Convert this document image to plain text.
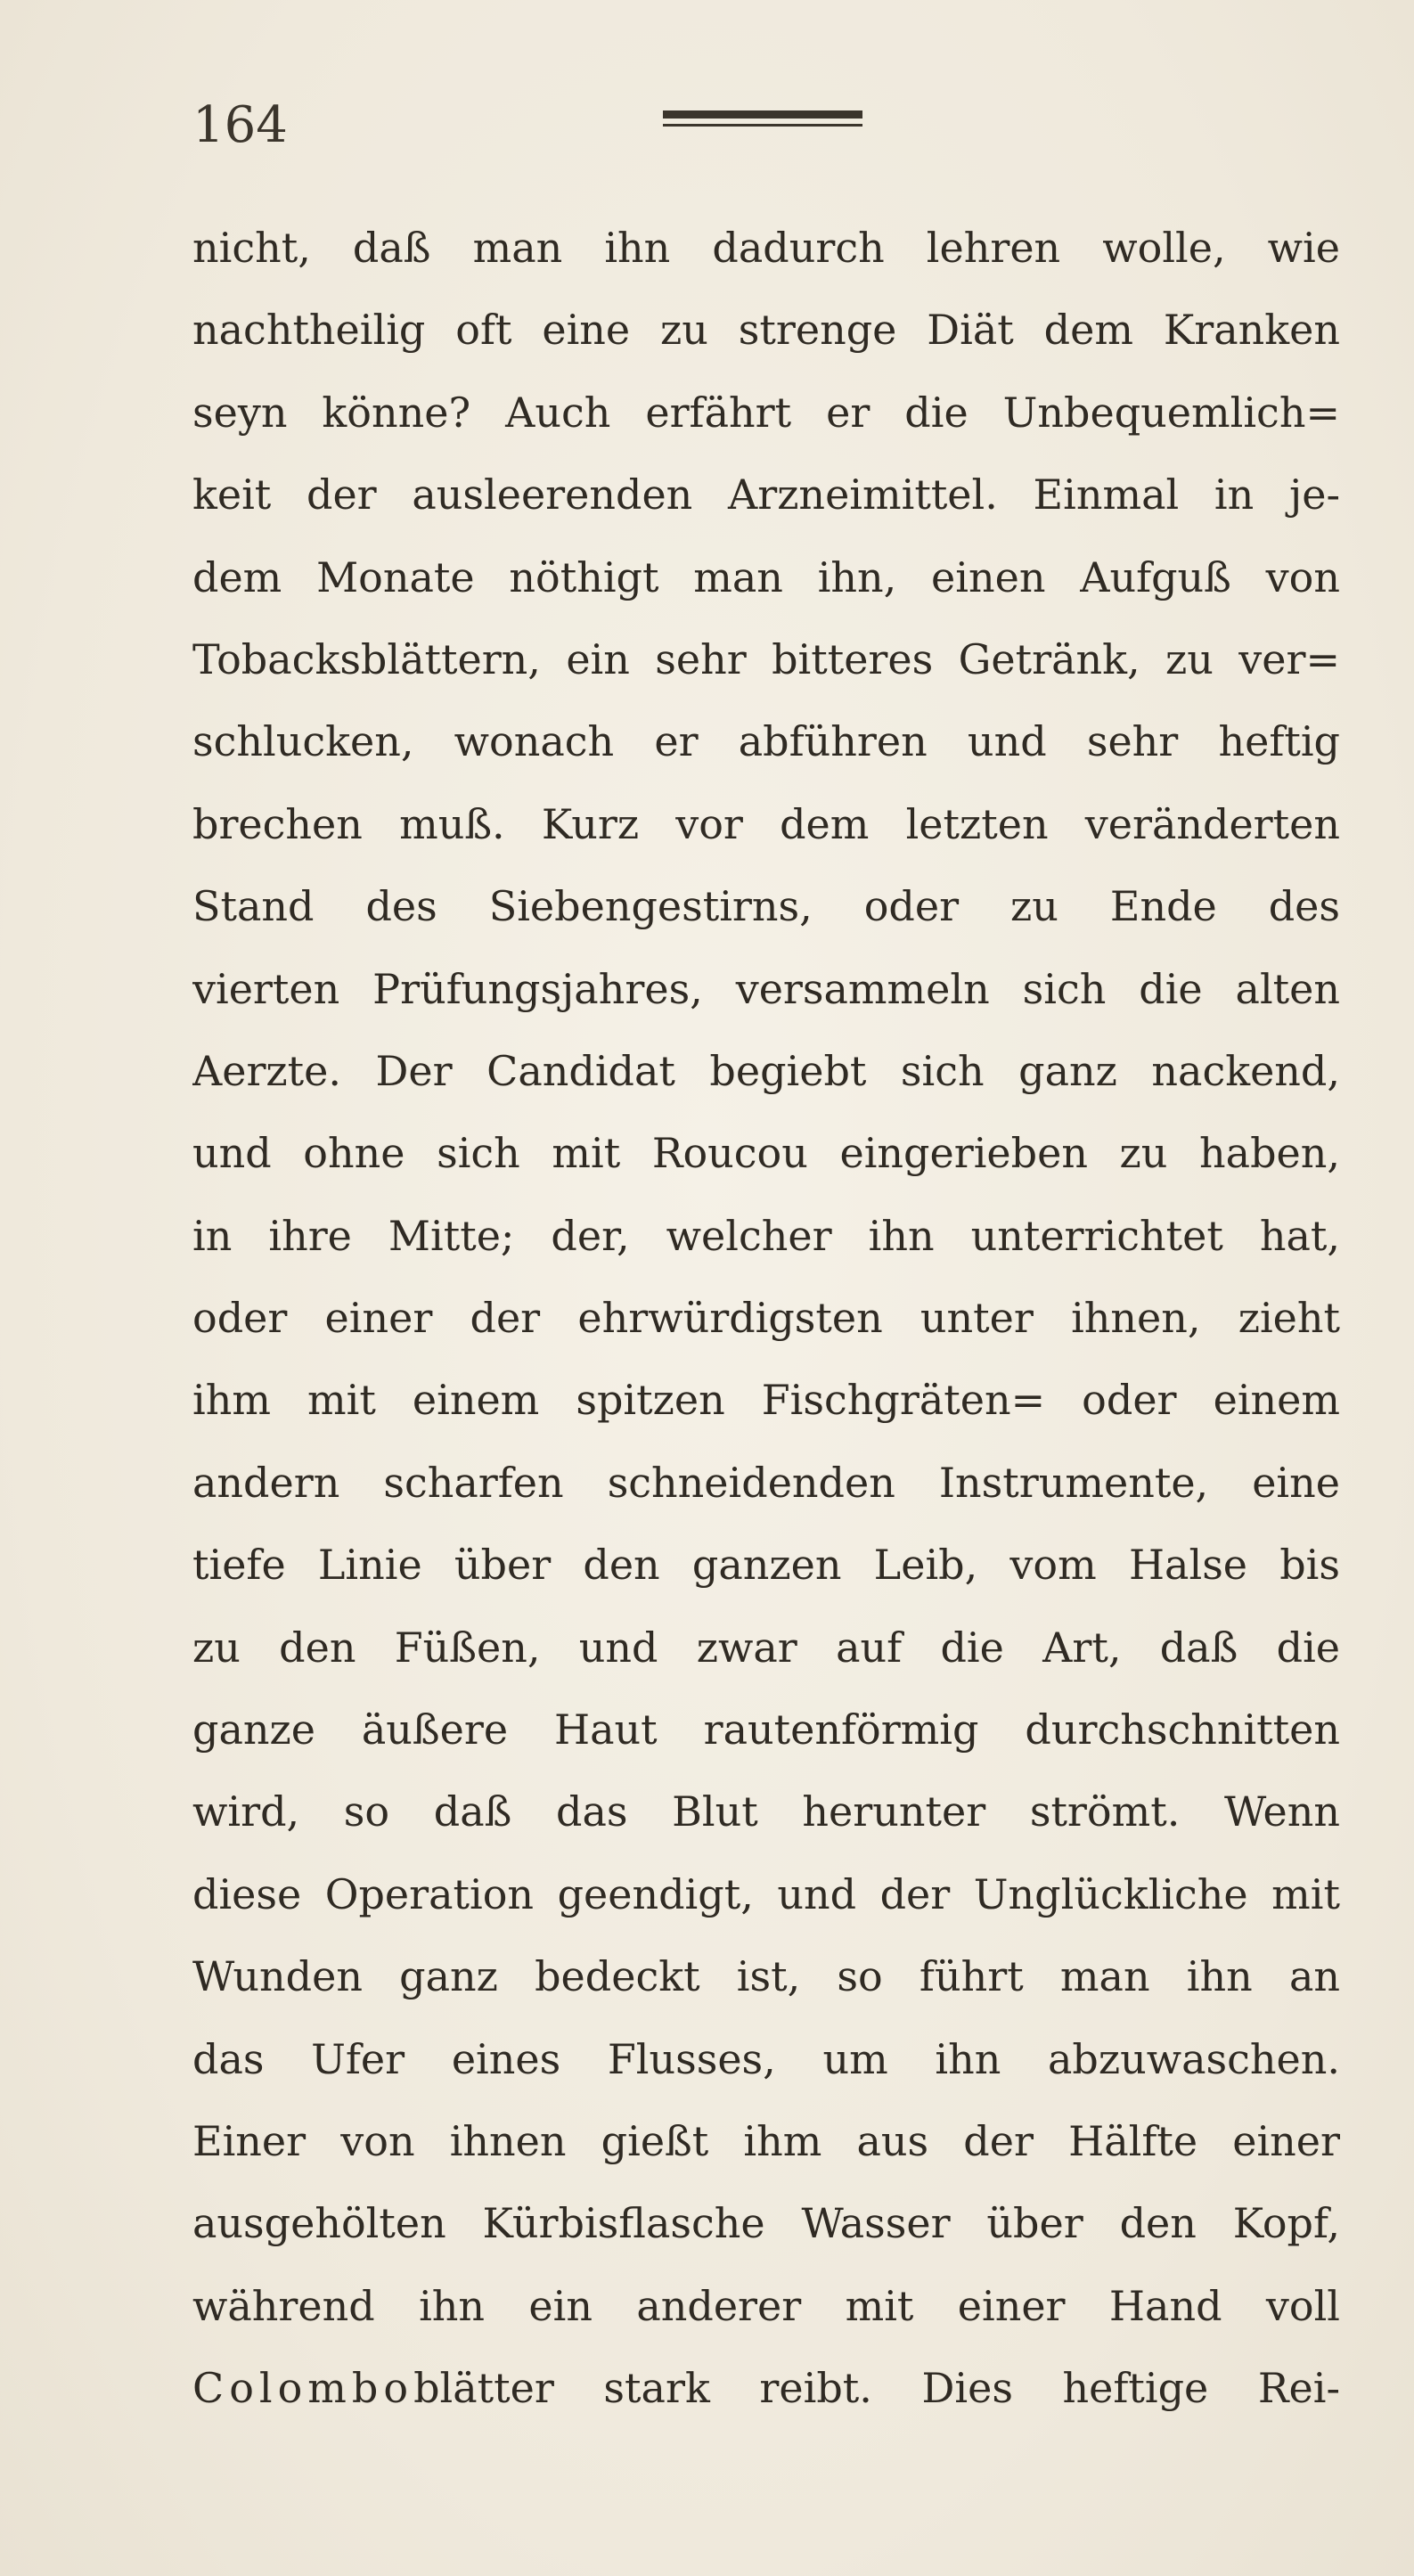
164
nicht, daß man ihn dadurch lehren wolle, wie
nachtheilig oft eine zu strenge Diät dem Kranken
seyn könne? Auch erfährt er die Unbequemlich=
keit der ausleerenden Arzneimittel. Einmal in je-
dem Monate nöthigt man ihn, einen Aufguß von
Tobacksblättern, ein sehr bitteres Getränk, zu ver=
schlucken, wonach er abführen und sehr heftig
brechen muß. Kurz vor dem letzten veränderten
Stand des Siebengestirns, oder zu Ende des
vierten Prüfungsjahres, versammeln sich die alten
Aerzte. Der Candidat begiebt sich ganz nackend,
und ohne sich mit Roucou eingerieben zu haben,
in ihre Mitte; der, welcher ihn unterrichtet hat,
oder einer der ehrwürdigsten unter ihnen, zieht
ihm mit einem spitzen Fischgräten= oder einem
andern scharfen schneidenden Instrumente, eine
tiefe Linie über den ganzen Leib, vom Halse bis
zu den Füßen, und zwar auf die Art, daß die
ganze äußere Haut rautenförmig durchschnitten
wird, so daß das Blut herunter strömt. Wenn
diese Operation geendigt, und der Unglückliche mit
Wunden ganz bedeckt ist, so führt man ihn an
das Ufer eines Flusses, um ihn abzuwaschen.
Einer von ihnen gießt ihm aus der Hälfte einer
ausgehölten Kürbisflasche Wasser über den Kopf,
während ihn ein anderer mit einer Hand voll
Colomboblätter stark reibt. Dies heftige Rei-
